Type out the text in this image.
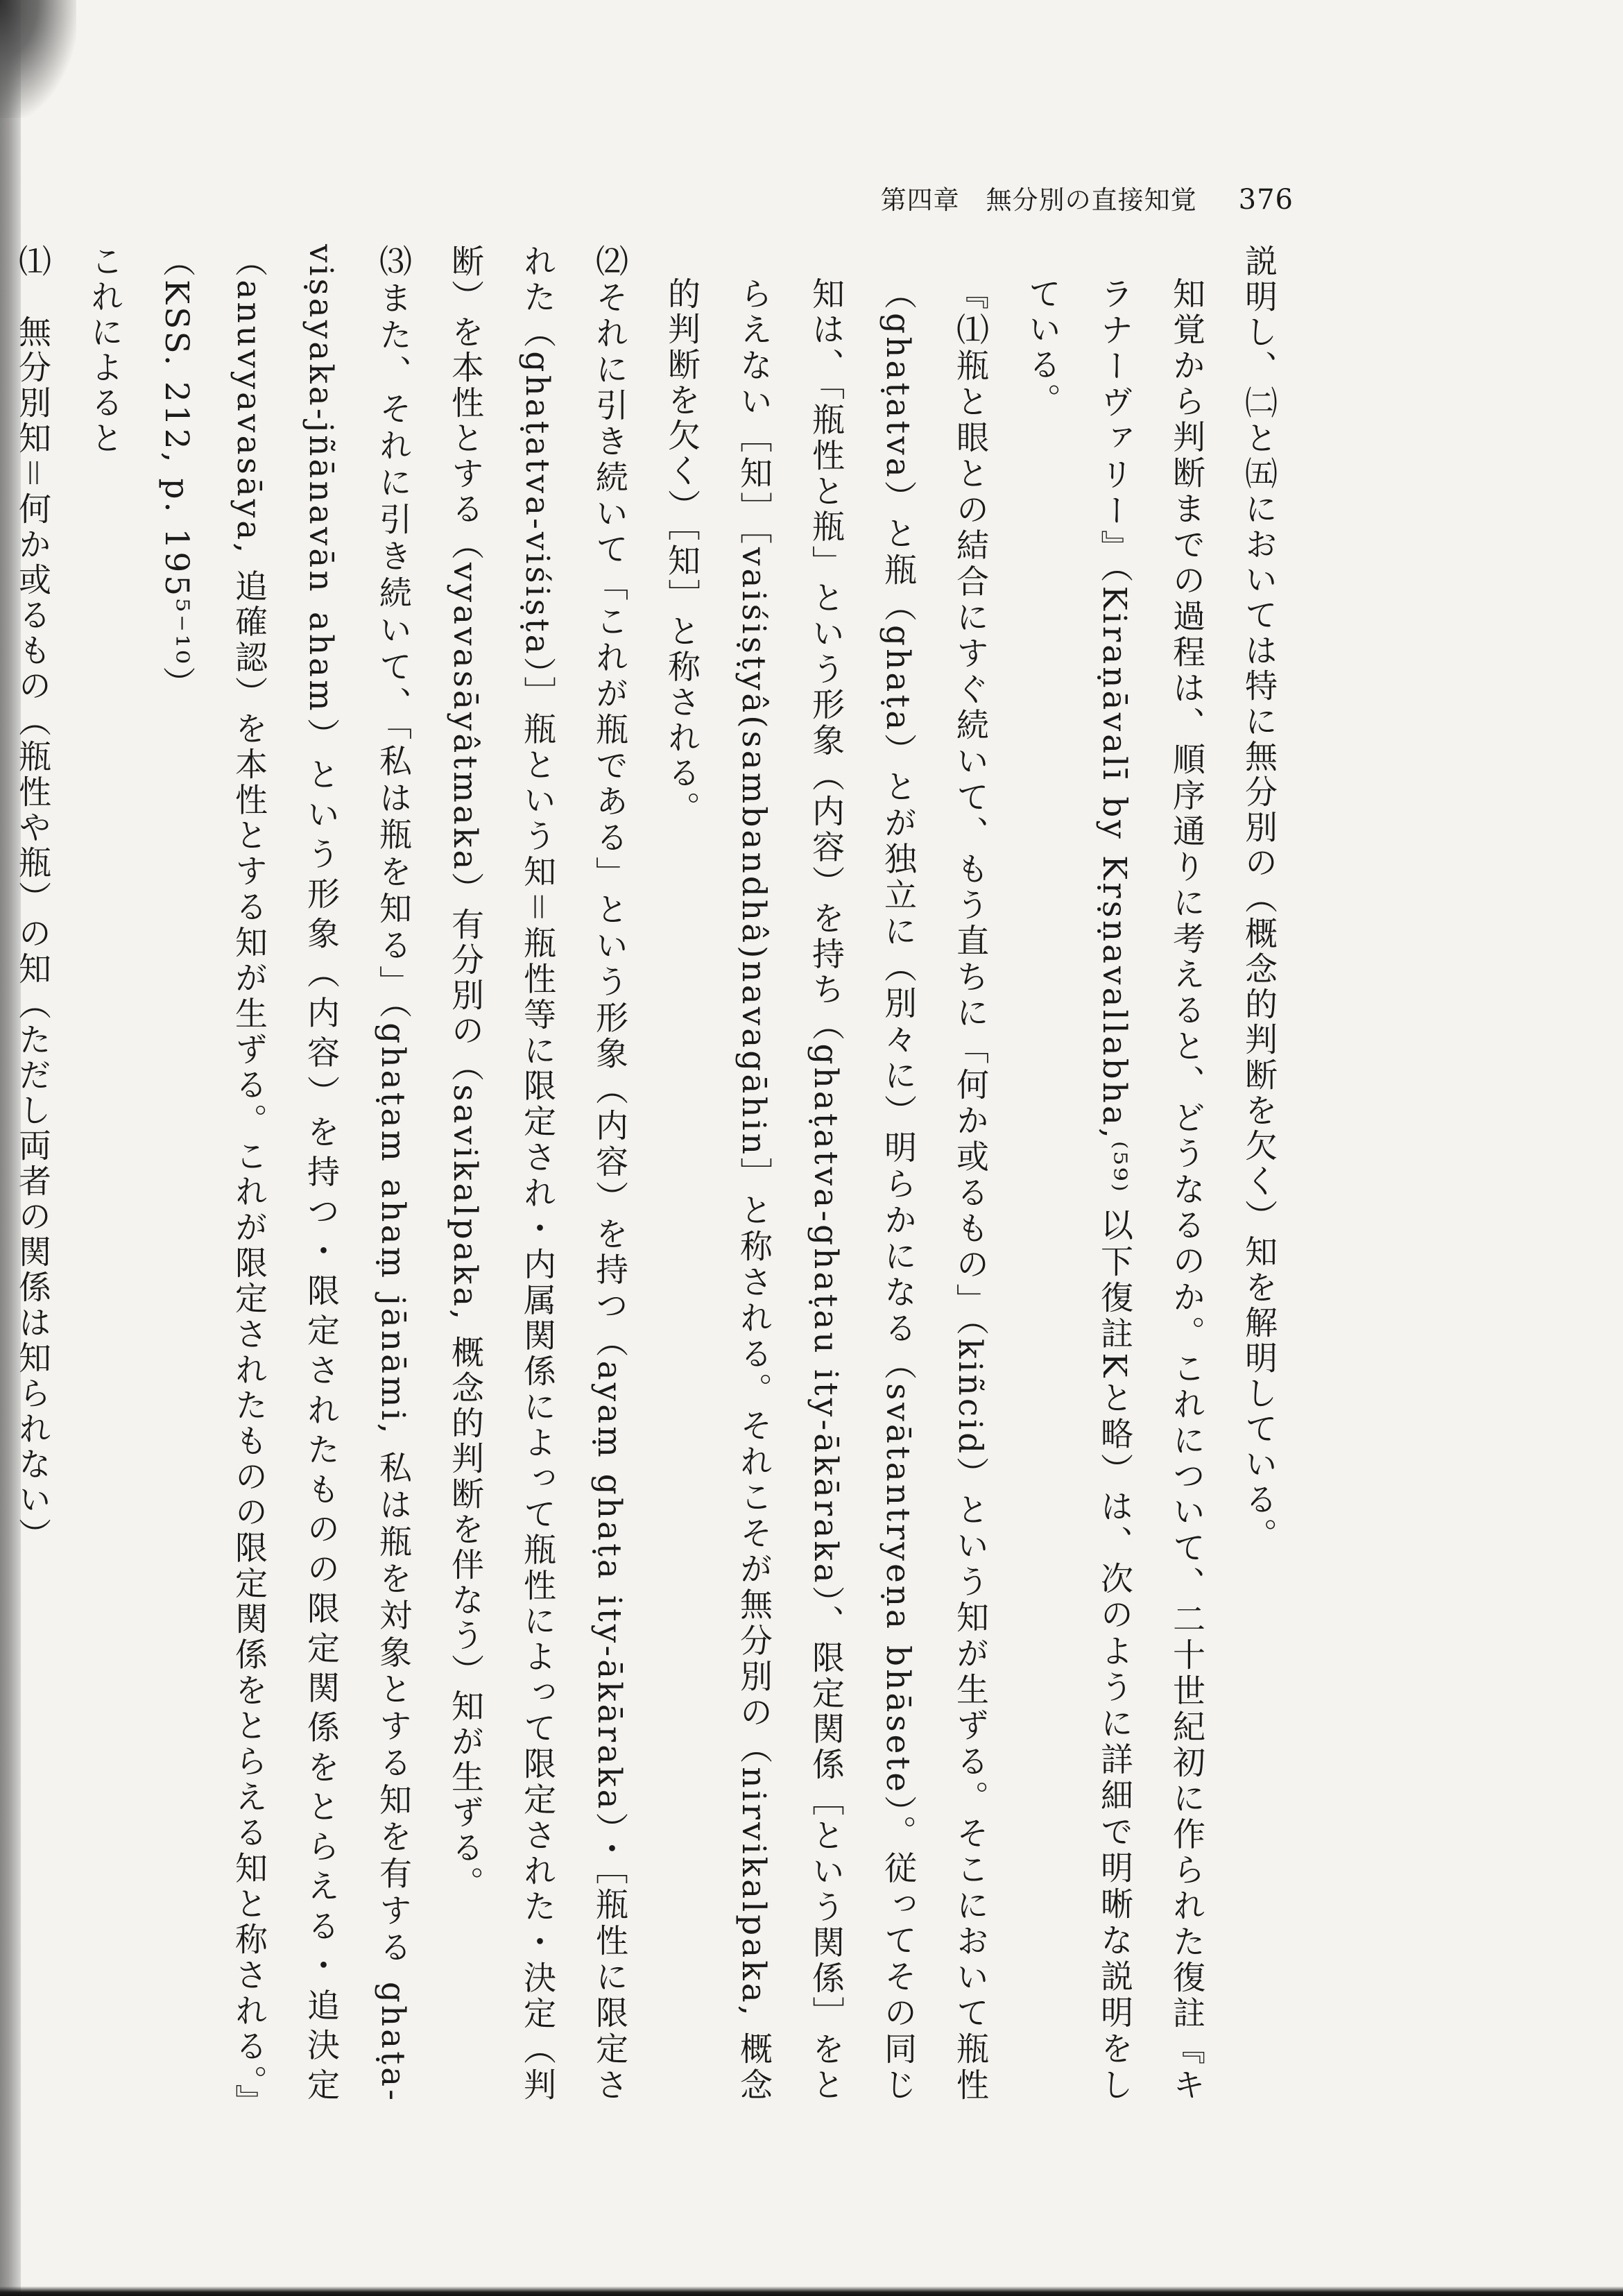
第四章　無分別の直接知覚 376

説明し、㈡と㈤においては特に無分別の（概念的判断を欠く）知を解明している。

知覚から判断までの過程は、順序通りに考えると、どうなるのか。これについて、二十世紀初に作られた復註『キラナーヴァリー』（Kiraṇāvalī by Kṛṣṇavallabha,⁽⁵⁹⁾ 以下復註Kと略）は、次のように詳細で明晰な説明をしている。

『⑴瓶と眼との結合にすぐ続いて、もう直ちに「何か或るもの」（kiñcid）という知が生ずる。そこにおいて瓶性（ghaṭatva）と瓶（ghaṭa）とが独立に（別々に）明らかになる（svātantryeṇa bhāsete）。従ってその同じ知は、「瓶性と瓶」という形象（内容）を持ち（ghaṭatva-ghaṭau ity-ākāraka）、限定関係［という関係］をとらえない［知］［vaiśiṣṭyâ(sambandhâ)navagāhin］と称される。それこそが無分別の（nirvikalpaka, 概念的判断を欠く）［知］と称される。

⑵それに引き続いて「これが瓶である」という形象（内容）を持つ（ayaṃ ghaṭa ity-ākāraka）・［瓶性に限定された（ghaṭatva-viśiṣṭa）］瓶という知＝瓶性等に限定され・内属関係によって瓶性によって限定された・決定（判断）を本性とする（vyavasāyâtmaka）有分別の（savikalpaka, 概念的判断を伴なう）知が生ずる。

⑶また、それに引き続いて、「私は瓶を知る」（ghaṭam ahaṃ jānāmi, 私は瓶を対象とする知を有する ghaṭa-viṣayaka-jñānavān aham）という形象（内容）を持つ・限定されたものの限定関係をとらえる・追決定（anuvyavasāya, 追確認）を本性とする知が生ずる。これが限定されたものの限定関係をとらえる知と称される。』（KSS. 212, p. 195⁵⁻¹⁰）

これによると

⑴　無分別知＝何か或るもの（瓶性や瓶）の知（ただし両者の関係は知られない）
